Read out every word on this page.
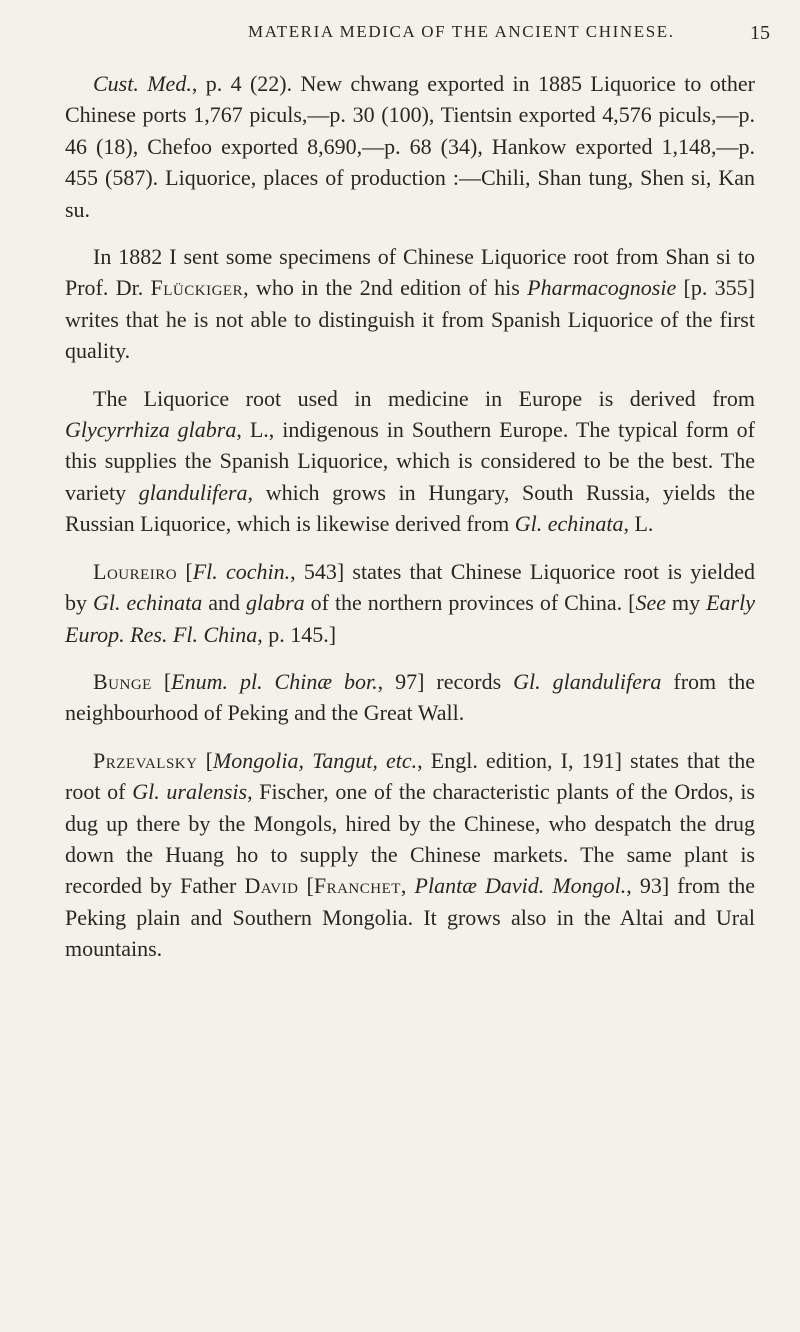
MATERIA MEDICA OF THE ANCIENT CHINESE.	15

Cust. Med., p. 4 (22). New chwang exported in 1885 Liquorice to other Chinese ports 1,767 piculs,—p. 30 (100), Tientsin exported 4,576 piculs,—p. 46 (18), Chefoo exported 8,690,—p. 68 (34), Hankow exported 1,148,—p. 455 (587). Liquorice, places of production :—Chili, Shan tung, Shen si, Kan su.

In 1882 I sent some specimens of Chinese Liquorice root from Shan si to Prof. Dr. Flückiger, who in the 2nd edition of his Pharmacognosie [p. 355] writes that he is not able to distinguish it from Spanish Liquorice of the first quality.

The Liquorice root used in medicine in Europe is derived from Glycyrrhiza glabra, L., indigenous in Southern Europe. The typical form of this supplies the Spanish Liquorice, which is considered to be the best. The variety glandulifera, which grows in Hungary, South Russia, yields the Russian Liquorice, which is likewise derived from Gl. echinata, L.

Loureiro [Fl. cochin., 543] states that Chinese Liquorice root is yielded by Gl. echinata and glabra of the northern provinces of China. [See my Early Europ. Res. Fl. China, p. 145.]

Bunge [Enum. pl. Chinæ bor., 97] records Gl. glandulifera from the neighbourhood of Peking and the Great Wall.

Przevalsky [Mongolia, Tangut, etc., Engl. edition, I, 191] states that the root of Gl. uralensis, Fischer, one of the characteristic plants of the Ordos, is dug up there by the Mongols, hired by the Chinese, who despatch the drug down the Huang ho to supply the Chinese markets. The same plant is recorded by Father David [Franchet, Plantæ David. Mongol., 93] from the Peking plain and Southern Mongolia. It grows also in the Altai and Ural mountains.
